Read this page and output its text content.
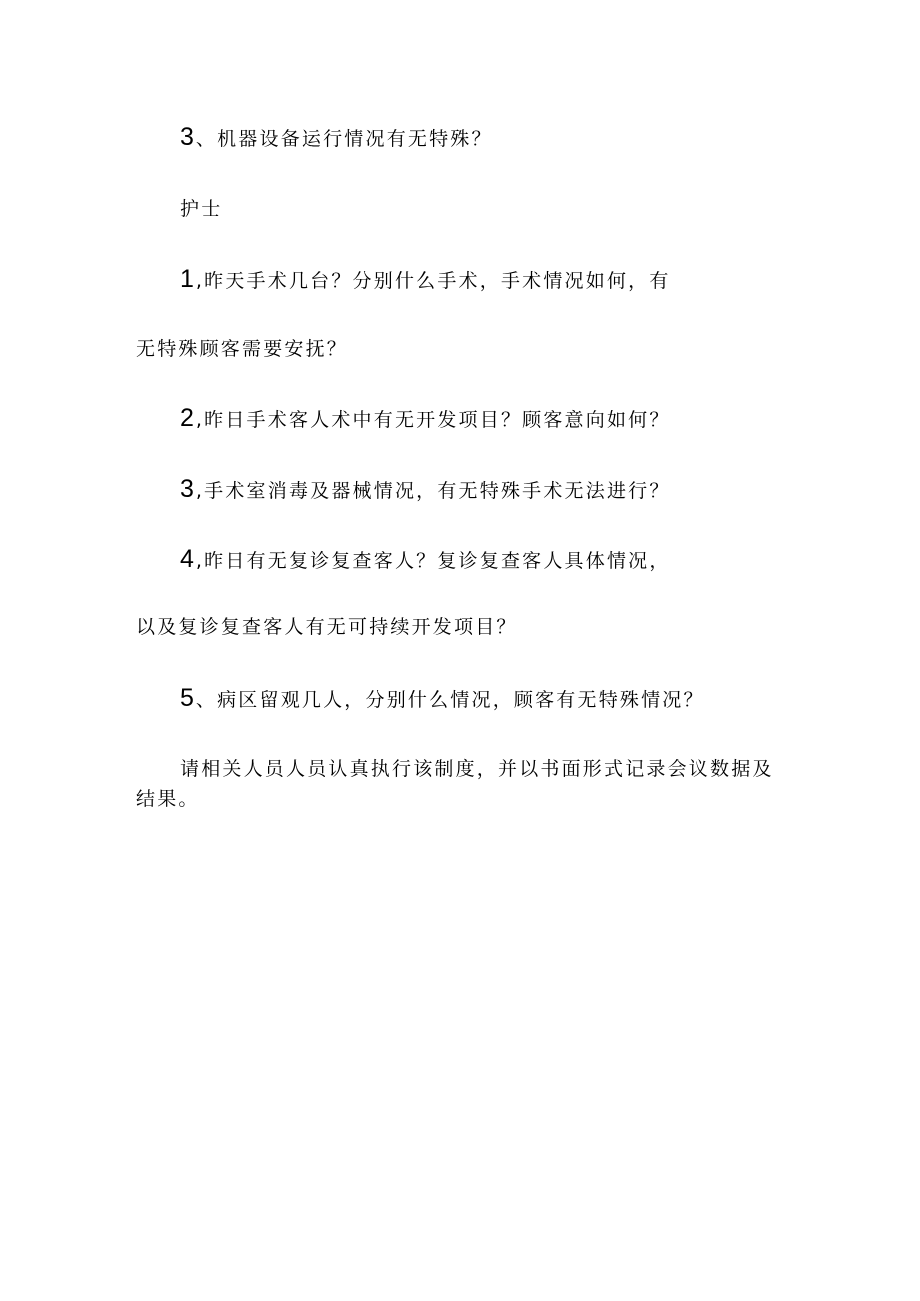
3 、机器设备运行情况有无特殊？
护士
1 ,昨天手术几台？分别什么手术，手术情况如何，有
无特殊顾客需要安抚？
2 ,昨日手术客人术中有无开发项目？顾客意向如何？
3 ,手术室消毒及器械情况，有无特殊手术无法进行？
4 ,昨日有无复诊复查客人？复诊复查客人具体情况，
以及复诊复查客人有无可持续开发项目？
5 、病区留观几人，分别什么情况，顾客有无特殊情况？
请相关人员人员认真执行该制度，并以书面形式记录会议数据及
结果。
